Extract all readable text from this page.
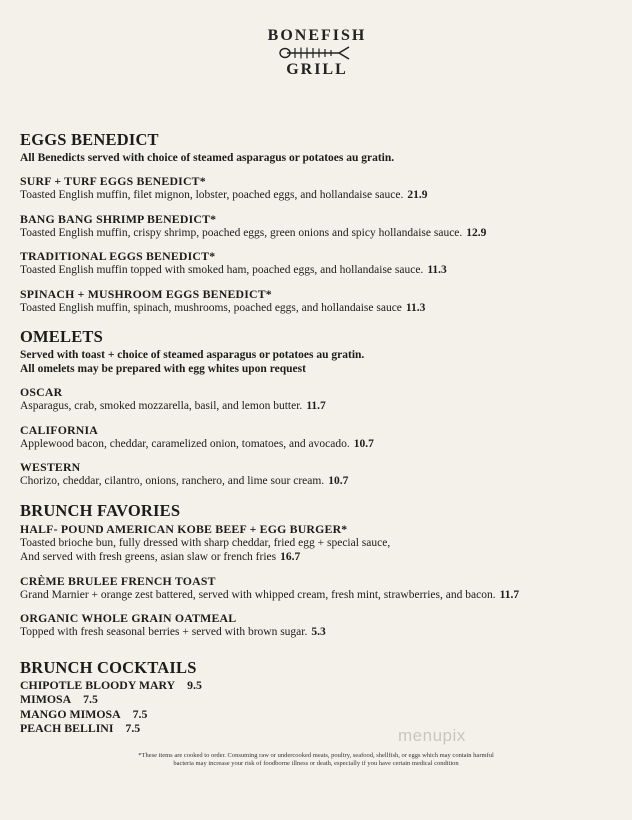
BONEFISH
GRILL
EGGS BENEDICT
All Benedicts served with choice of steamed asparagus or potatoes au gratin.
SURF + TURF EGGS BENEDICT*
Toasted English muffin, filet mignon, lobster, poached eggs, and hollandaise sauce. 21.9
BANG BANG SHRIMP BENEDICT*
Toasted English muffin, crispy shrimp, poached eggs, green onions and spicy hollandaise sauce. 12.9
TRADITIONAL EGGS BENEDICT*
Toasted English muffin topped with smoked ham, poached eggs, and hollandaise sauce. 11.3
SPINACH + MUSHROOM EGGS BENEDICT*
Toasted English muffin, spinach, mushrooms, poached eggs, and hollandaise sauce 11.3
OMELETS
Served with toast + choice of steamed asparagus or potatoes au gratin.
All omelets may be prepared with egg whites upon request
OSCAR
Asparagus, crab, smoked mozzarella, basil, and lemon butter. 11.7
CALIFORNIA
Applewood bacon, cheddar, caramelized onion, tomatoes, and avocado. 10.7
WESTERN
Chorizo, cheddar, cilantro, onions, ranchero, and lime sour cream. 10.7
BRUNCH FAVORIES
HALF- POUND AMERICAN KOBE BEEF + EGG BURGER*
Toasted brioche bun, fully dressed with sharp cheddar, fried egg + special sauce,
And served with fresh greens, asian slaw or french fries 16.7
CRÈME BRULEE FRENCH TOAST
Grand Marnier + orange zest battered, served with whipped cream, fresh mint, strawberries, and bacon. 11.7
ORGANIC WHOLE GRAIN OATMEAL
Topped with fresh seasonal berries + served with brown sugar. 5.3
BRUNCH COCKTAILS
CHIPOTLE BLOODY MARY 9.5
MIMOSA 7.5
MANGO MIMOSA 7.5
PEACH BELLINI 7.5	menupix
*These items are cooked to order. Consuming raw or undercooked meats, poultry, seafood, shellfish, or eggs which may contain harmful
bacteria may increase your risk of foodborne illness or death, especially if you have certain medical condition
